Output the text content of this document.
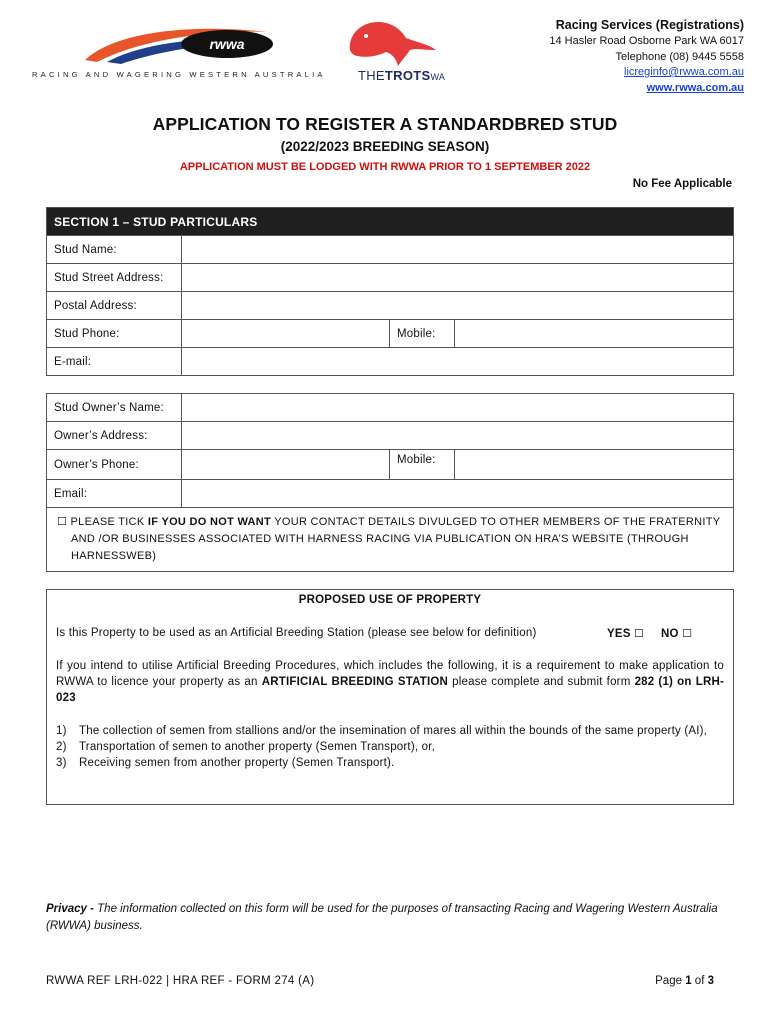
rwwa
RACING AND WAGERING WESTERN AUSTRALIA THETROTSWA
Racing Services (Registrations)
14 Hasler Road Osborne Park WA 6017
Telephone (08) 9445 5558
licreginfo@rwwa.com.au
www.rwwa.com.au
APPLICATION TO REGISTER A STANDARDBRED STUD
(2022/2023 BREEDING SEASON)
APPLICATION MUST BE LODGED WITH RWWA PRIOR TO 1 SEPTEMBER 2022
No Fee Applicable
SECTION 1 – STUD PARTICULARS			
Stud Name:			
Stud Street Address:			
Postal Address:			
Stud Phone:		Mobile:	
E-mail:			
Stud Owner’s Name:			
Owner’s Address:			
Owner’s Phone:		Mobile:	
Email:			
☐ PLEASE TICK IF YOU DO NOT WANT YOUR CONTACT DETAILS DIVULGED TO OTHER MEMBERS OF THE FRATERNITY
AND /OR BUSINESSES ASSOCIATED WITH HARNESS RACING VIA PUBLICATION ON HRA’S WEBSITE (THROUGH HARNESSWEB)			
PROPOSED USE OF PROPERTY
Is this Property to be used as an Artificial Breeding Station (please see below for definition)	YES ☐ NO ☐
If you intend to utilise Artificial Breeding Procedures, which includes the following, it is a requirement to make application to RWWA to licence your property as an ARTIFICIAL BREEDING STATION please complete and submit form 282 (1) on LRH-023
1) The collection of semen from stallions and/or the insemination of mares all within the bounds of the same property (AI),
2) Transportation of semen to another property (Semen Transport), or,
3) Receiving semen from another property (Semen Transport).
Privacy - The information collected on this form will be used for the purposes of transacting Racing and Wagering Western Australia (RWWA) business.
RWWA REF LRH-022 | HRA REF - FORM 274 (A)	Page 1 of 3
